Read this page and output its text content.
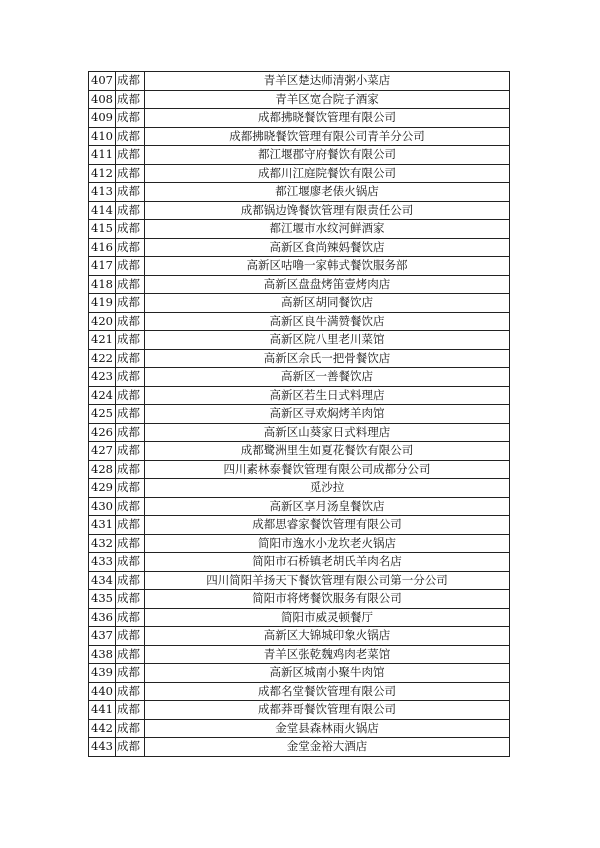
407	成都	青羊区楚达师清粥小菜店
408	成都	青羊区宽合院子酒家
409	成都	成都拂晓餐饮管理有限公司
410	成都	成都拂晓餐饮管理有限公司青羊分公司
411	成都	都江堰郡守府餐饮有限公司
412	成都	成都川江庭院餐饮有限公司
413	成都	都江堰廖老俵火锅店
414	成都	成都锅边馋餐饮管理有限责任公司
415	成都	都江堰市水纹河鲜酒家
416	成都	高新区食尚辣妈餐饮店
417	成都	高新区咕噜一家韩式餐饮服务部
418	成都	高新区盘盘烤笛壹烤肉店
419	成都	高新区胡同餐饮店
420	成都	高新区良牛满赞餐饮店
421	成都	高新区院八里老川菜馆
422	成都	高新区佘氏一把骨餐饮店
423	成都	高新区一善餐饮店
424	成都	高新区若生日式料理店
425	成都	高新区寻欢焖烤羊肉馆
426	成都	高新区山葵家日式料理店
427	成都	成都鹭洲里生如夏花餐饮有限公司
428	成都	四川素林泰餐饮管理有限公司成都分公司
429	成都	觅沙拉
430	成都	高新区享月汤皇餐饮店
431	成都	成都思睿家餐饮管理有限公司
432	成都	简阳市逸水小龙坎老火锅店
433	成都	简阳市石桥镇老胡氏羊肉名店
434	成都	四川简阳羊扬天下餐饮管理有限公司第一分公司
435	成都	简阳市将烤餐饮服务有限公司
436	成都	简阳市威灵顿餐厅
437	成都	高新区大锦城印象火锅店
438	成都	青羊区张乾魏鸡肉老菜馆
439	成都	高新区城南小聚牛肉馆
440	成都	成都名堂餐饮管理有限公司
441	成都	成都莽哥餐饮管理有限公司
442	成都	金堂县森林雨火锅店
443	成都	金堂金裕大酒店
